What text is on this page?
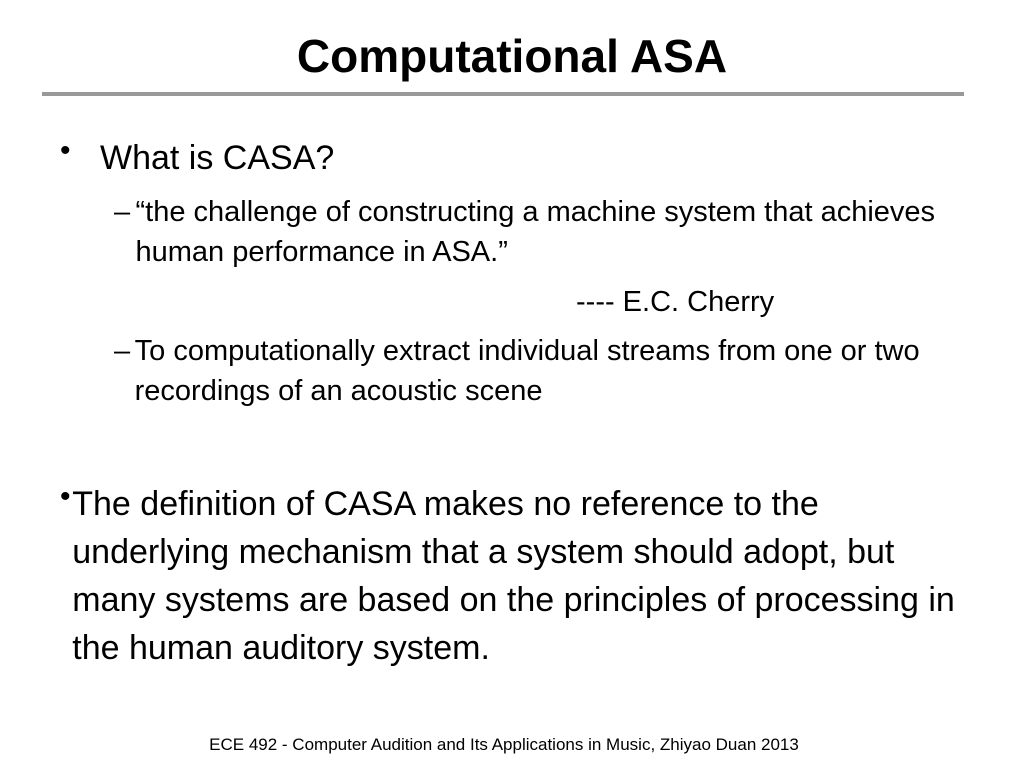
Computational ASA
• What is CASA?

– “the challenge of constructing a machine system that achieves human performance in ASA.”

---- E.C. Cherry

– To computationally extract individual streams from one or two recordings of an acoustic scene

• The definition of CASA makes no reference to the underlying mechanism that a system should adopt, but many systems are based on the principles of processing in the human auditory system.

ECE 492 - Computer Audition and Its Applications in Music, Zhiyao Duan 2013
